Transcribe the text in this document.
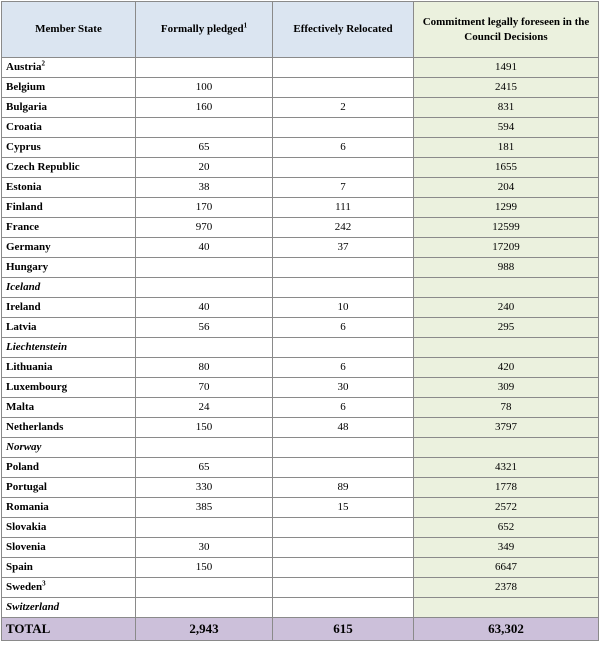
Member State	Formally pledged$^1$	Effectively Relocated	Commitment legally foreseen in the Council Decisions
Austria$^2$			1491
Belgium	100		2415
Bulgaria	160	2	831
Croatia			594
Cyprus	65	6	181
Czech Republic	20		1655
Estonia	38	7	204
Finland	170	111	1299
France	970	242	12599
Germany	40	37	17209
Hungary			988
Iceland			
Ireland	40	10	240
Latvia	56	6	295
Liechtenstein			
Lithuania	80	6	420
Luxembourg	70	30	309
Malta	24	6	78
Netherlands	150	48	3797
Norway			
Poland	65		4321
Portugal	330	89	1778
Romania	385	15	2572
Slovakia			652
Slovenia	30		349
Spain	150		6647
Sweden$^3$			2378
Switzerland			
TOTAL	2,943	615	63,302
